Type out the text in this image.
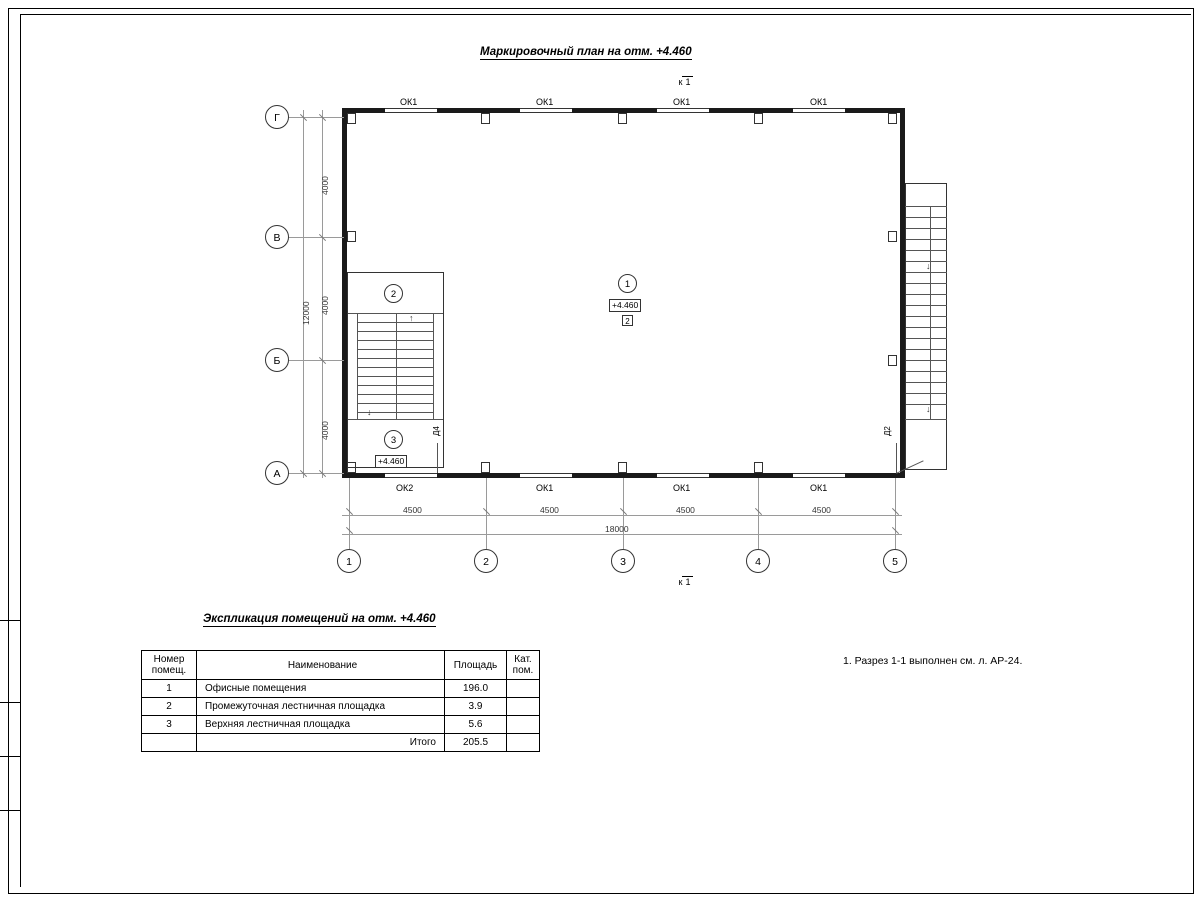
Маркировочный план на отм. +4.460
↓
↓
↑
↓
Д4	Д2
ОК1	ОК1	ОК1	ОК1
ОК2	ОК1	ОК1	ОК1
1
+4.460
2
2
3
+4.460
к 1
к 1
Г
В
Б
А
4000
4000
4000
12000
1	2	3	4	5
4500	4500	4500	4500
18000
Экспликация помещений на отм. +4.460
Номер
помещ.	Наименование	Площадь	Кат.
пом.

1	Офисные помещения	196.0	
2	Промежуточная лестничная площадка	3.9	
3	Верхняя лестничная площадка	5.6	
	Итого	205.5	
1. Разрез 1-1 выполнен см. л. АР-24.
